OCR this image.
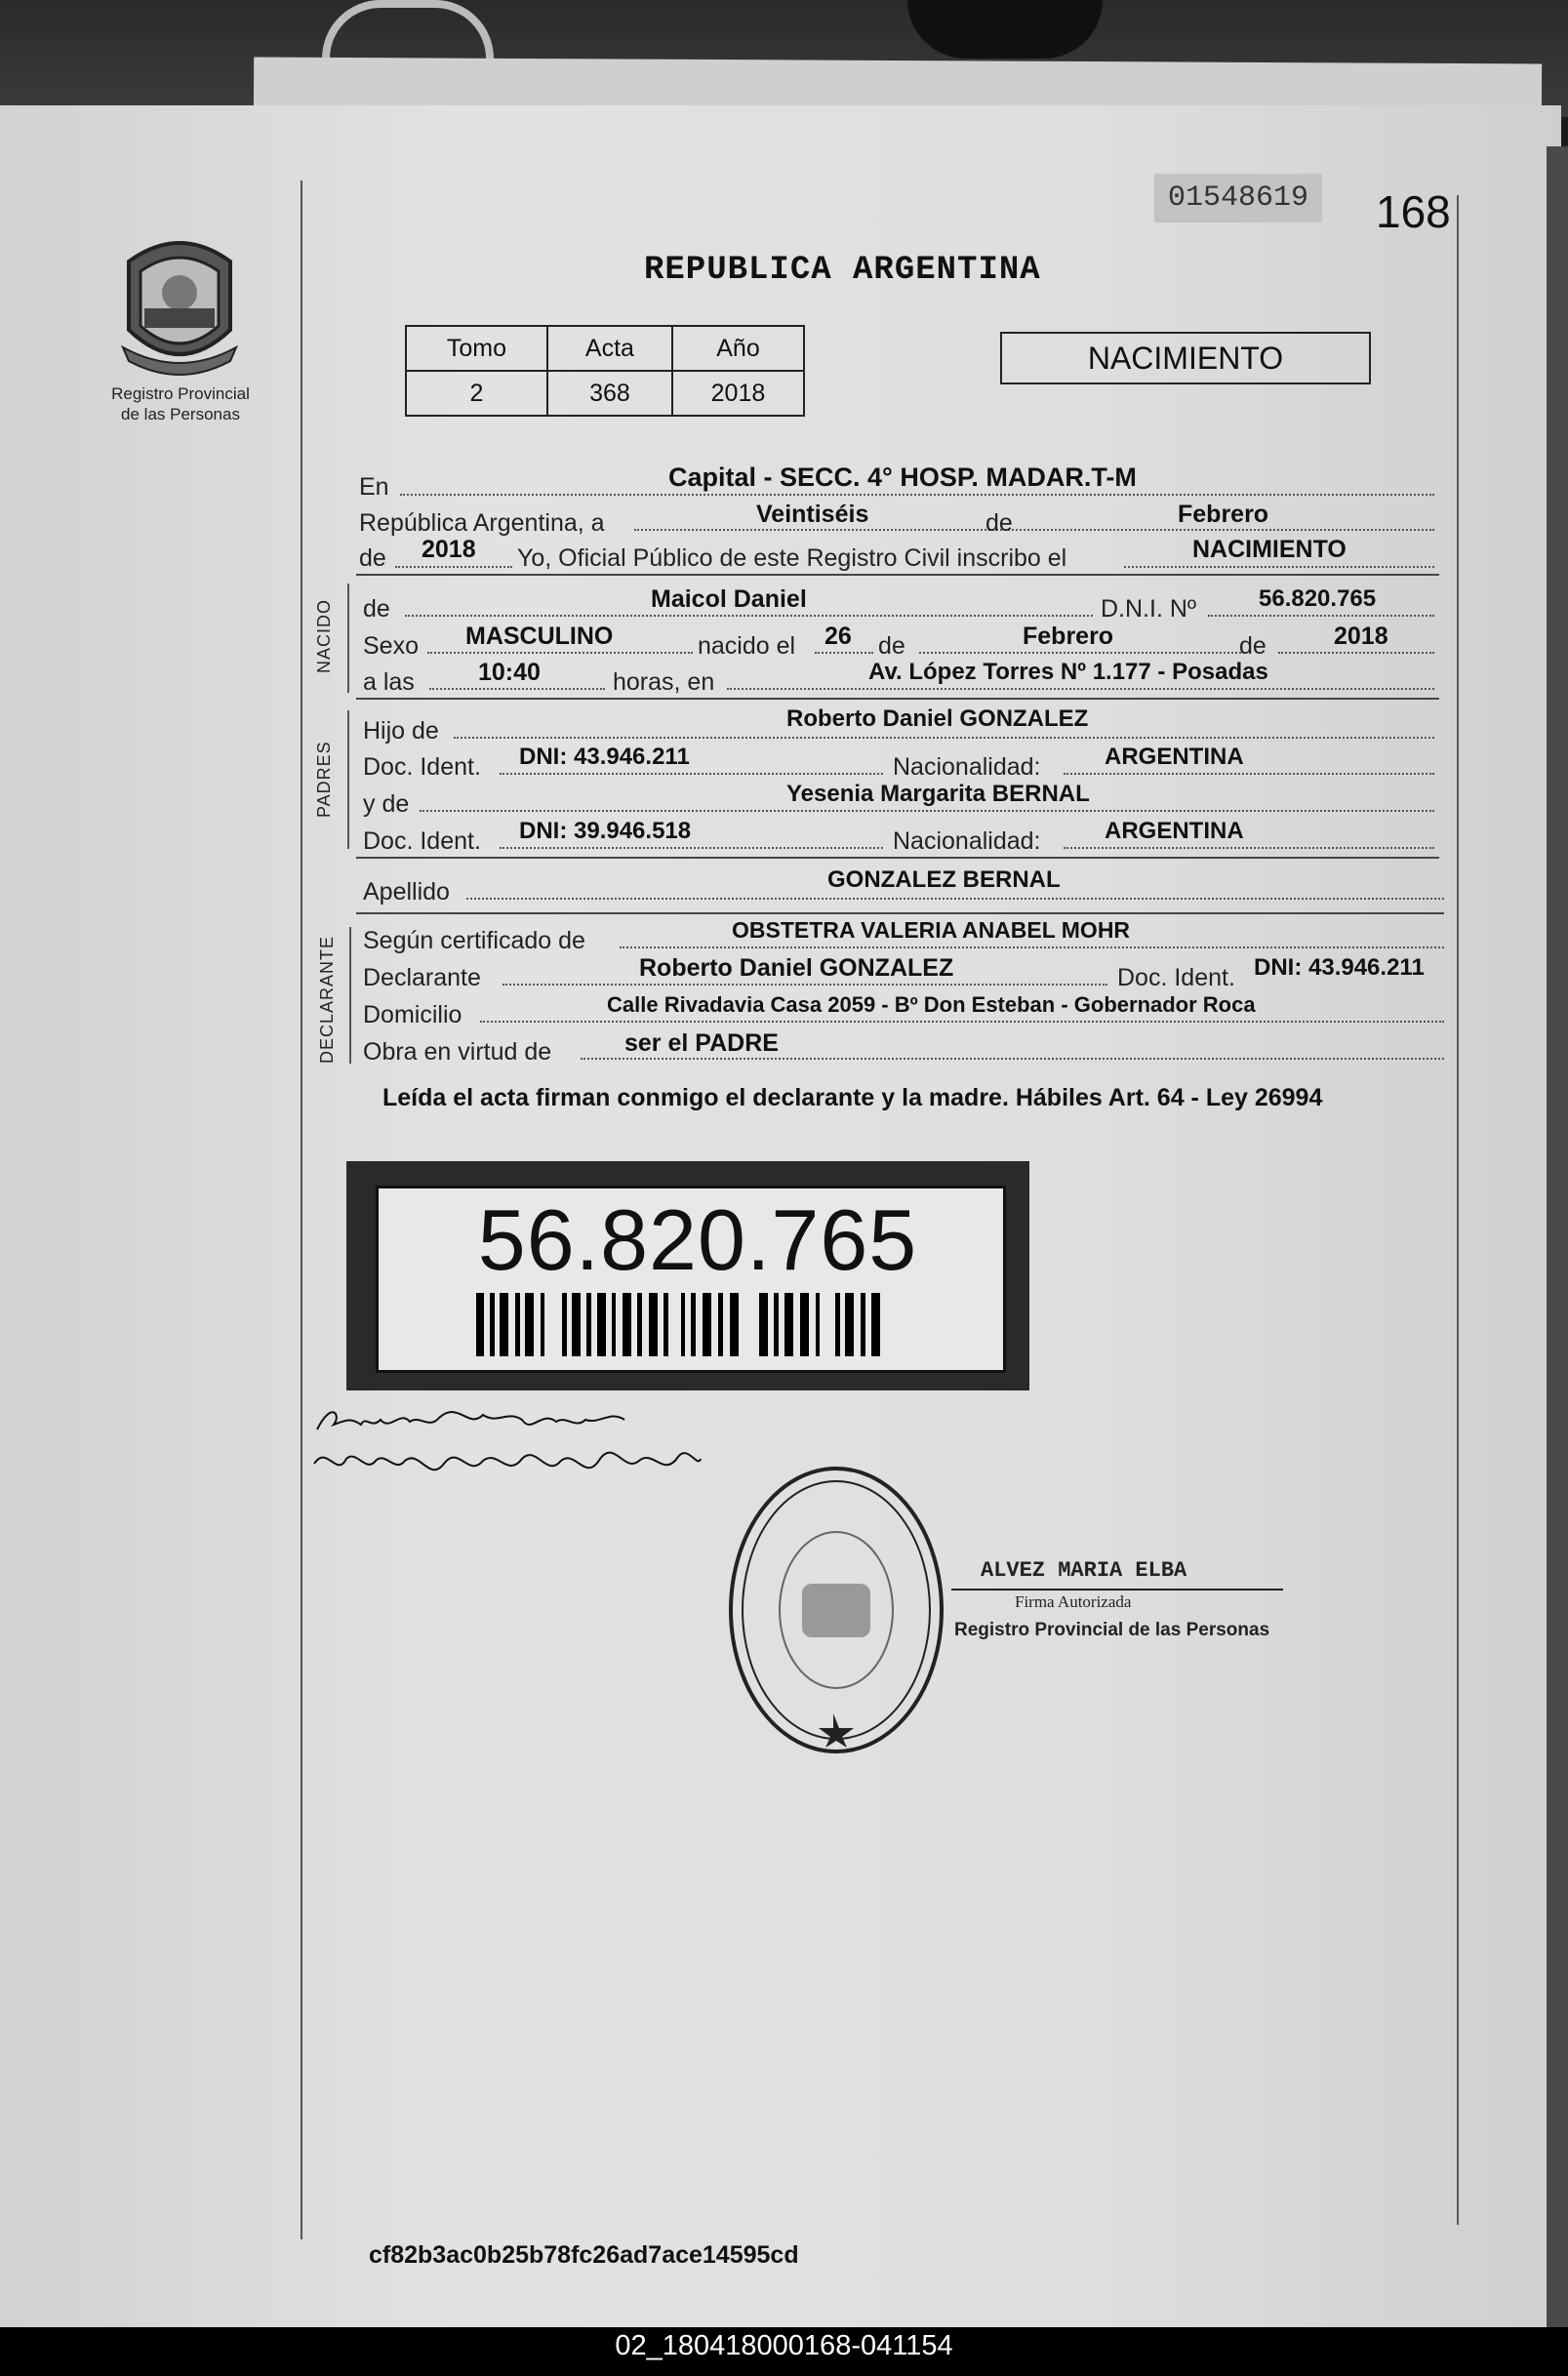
Registro Provincial
de las Personas
01548619	168
REPUBLICA ARGENTINA
Tomo	Acta	Año
2	368	2018
NACIMIENTO
En	Capital - SECC. 4° HOSP. MADAR.T-M
República Argentina, a	Veintiséis	de	Febrero
de 2018 Yo, Oficial Público de este Registro Civil inscribo el	NACIMIENTO
NACIDO de	Maicol Daniel	D.N.I. Nº	56.820.765
Sexo MASCULINO	nacido el 26 de	Febrero	de	2018
a las	10:40	horas, en	Av. López Torres Nº 1.177 - Posadas
PADRES
Hijo de	Roberto Daniel GONZALEZ
Doc. Ident. DNI: 43.946.211	Nacionalidad:	ARGENTINA
y de	Yesenia Margarita BERNAL
Doc. Ident. DNI: 39.946.518	Nacionalidad:	ARGENTINA
Apellido	GONZALEZ BERNAL
DECLARANTE Según certificado de	OBSTETRA VALERIA ANABEL MOHR
Declarante	Roberto Daniel GONZALEZ	Doc. Ident. DNI: 43.946.211
Domicilio	Calle Rivadavia Casa 2059 - Bº Don Esteban - Gobernador Roca
Obra en virtud de	ser el PADRE
Leída el acta firman conmigo el declarante y la madre. Hábiles Art. 64 - Ley 26994
56.820.765
ALVEZ MARIA ELBA
Firma Autorizada
Registro Provincial de las Personas
cf82b3ac0b25b78fc26ad7ace14595cd
02_180418000168-041154
